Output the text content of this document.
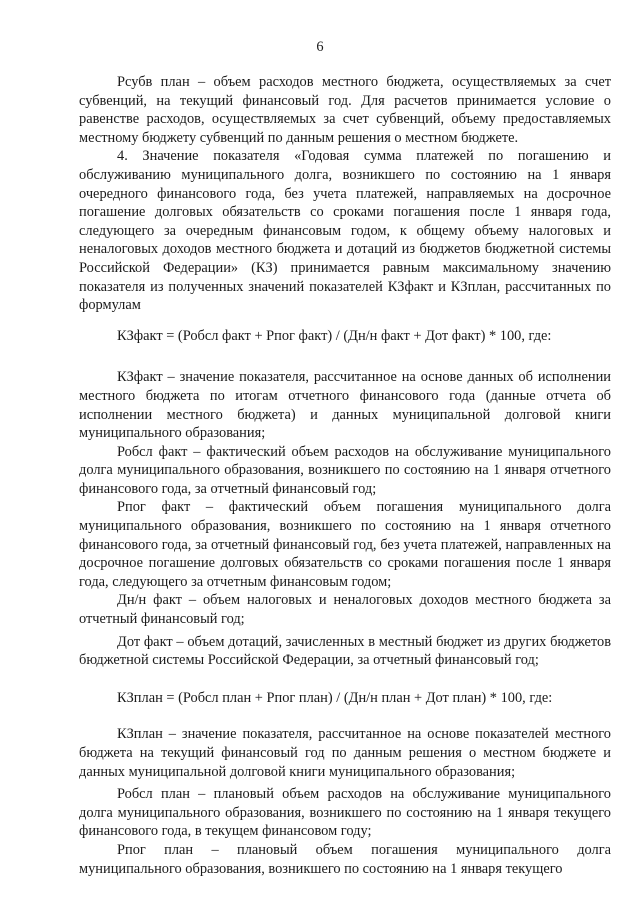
6

Рсубв план – объем расходов местного бюджета, осуществляемых за счет субвенций, на текущий финансовый год. Для расчетов принимается условие о равенстве расходов, осуществляемых за счет субвенций, объему предоставляемых местному бюджету субвенций по данным решения о местном бюджете.

4. Значение показателя «Годовая сумма платежей по погашению и обслуживанию муниципального долга, возникшего по состоянию на 1 января очередного финансового года, без учета платежей, направляемых на досрочное погашение долговых обязательств со сроками погашения после 1 января года, следующего за очередным финансовым годом, к общему объему налоговых и неналоговых доходов местного бюджета и дотаций из бюджетов бюджетной системы Российской Федерации» (КЗ) принимается равным максимальному значению показателя из полученных значений показателей КЗфакт и КЗплан, рассчитанных по формулам

КЗфакт = (Робсл факт + Рпог факт) / (Дн/н факт + Дот факт) * 100, где:

КЗфакт – значение показателя, рассчитанное на основе данных об исполнении местного бюджета по итогам отчетного финансового года (данные отчета об исполнении местного бюджета) и данных муниципальной долговой книги муниципального образования;

Робсл факт – фактический объем расходов на обслуживание муниципального долга муниципального образования, возникшего по состоянию на 1 января отчетного финансового года, за отчетный финансовый год;

Рпог факт – фактический объем погашения муниципального долга муниципального образования, возникшего по состоянию на 1 января отчетного финансового года, за отчетный финансовый год, без учета платежей, направленных на досрочное погашение долговых обязательств со сроками погашения после 1 января года, следующего за отчетным финансовым годом;

Дн/н факт – объем налоговых и неналоговых доходов местного бюджета за отчетный финансовый год;

Дот факт – объем дотаций, зачисленных в местный бюджет из других бюджетов бюджетной системы Российской Федерации, за отчетный финансовый год;

КЗплан = (Робсл план + Рпог план) / (Дн/н план + Дот план) * 100, где:

КЗплан – значение показателя, рассчитанное на основе показателей местного бюджета на текущий финансовый год по данным решения о местном бюджете и данных муниципальной долговой книги муниципального образования;

Робсл план – плановый объем расходов на обслуживание муниципального долга муниципального образования, возникшего по состоянию на 1 января текущего финансового года, в текущем финансовом году;

Рпог план – плановый объем погашения муниципального долга муниципального образования, возникшего по состоянию на 1 января текущего
